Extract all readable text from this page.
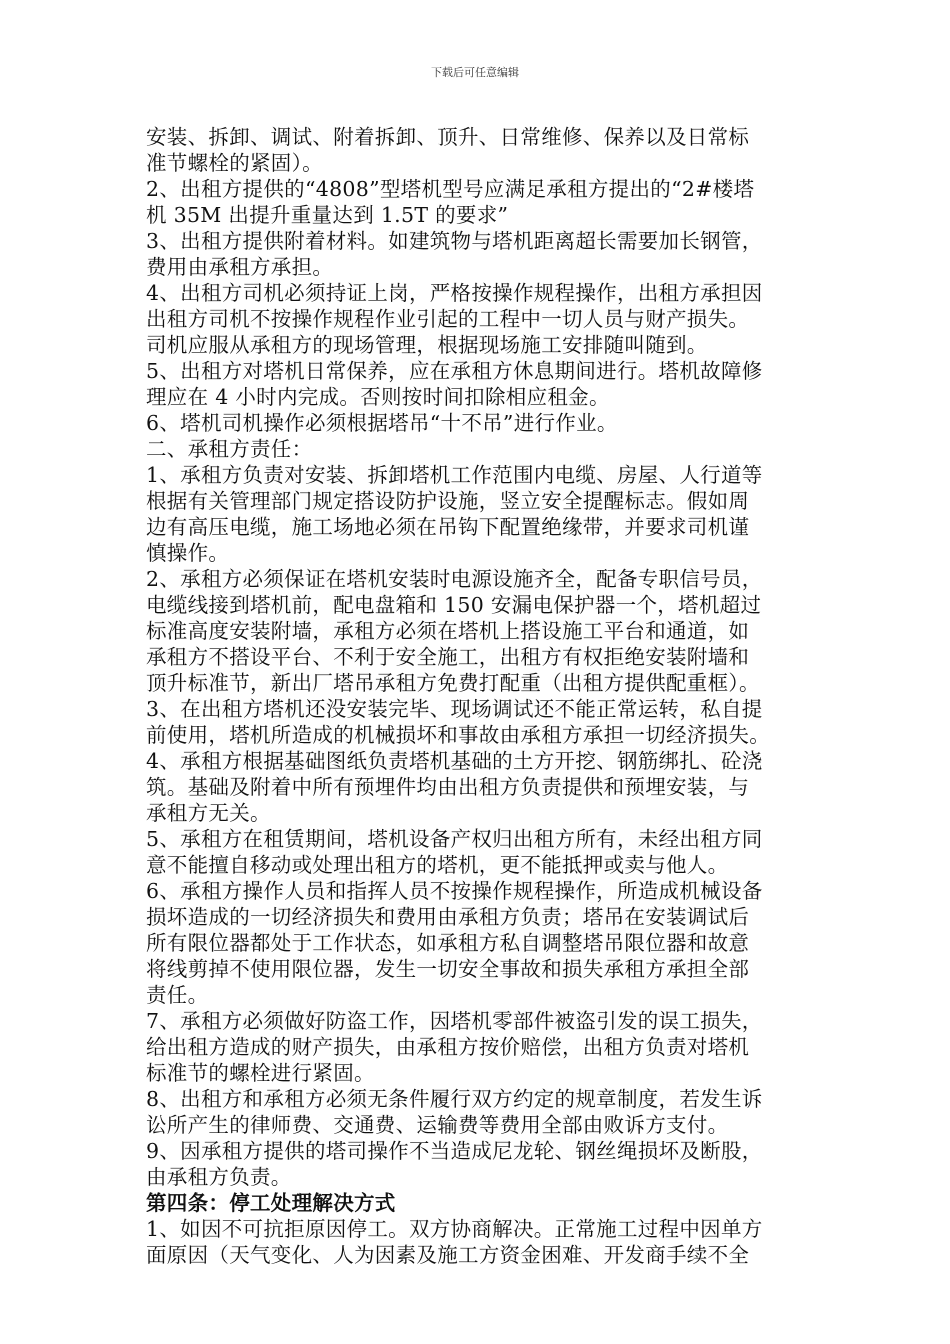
下载后可任意编辑

安装、拆卸、调试、附着拆卸、顶升、日常维修、保养以及日常标

准节螺栓的紧固）。

2、出租方提供的“4808”型塔机型号应满足承租方提出的“2#楼塔

机 35M 出提升重量达到 1.5T 的要求”

3、出租方提供附着材料。如建筑物与塔机距离超长需要加长钢管，

费用由承租方承担。

4、出租方司机必须持证上岗，严格按操作规程操作，出租方承担因

出租方司机不按操作规程作业引起的工程中一切人员与财产损失。

司机应服从承租方的现场管理，根据现场施工安排随叫随到。

5、出租方对塔机日常保养，应在承租方休息期间进行。塔机故障修

理应在 4 小时内完成。否则按时间扣除相应租金。

6、塔机司机操作必须根据塔吊“十不吊”进行作业。

二、承租方责任：

1、承租方负责对安装、拆卸塔机工作范围内电缆、房屋、人行道等

根据有关管理部门规定搭设防护设施，竖立安全提醒标志。假如周

边有高压电缆，施工场地必须在吊钩下配置绝缘带，并要求司机谨

慎操作。

2、承租方必须保证在塔机安装时电源设施齐全，配备专职信号员，

电缆线接到塔机前，配电盘箱和 150 安漏电保护器一个，塔机超过

标准高度安装附墙，承租方必须在塔机上搭设施工平台和通道，如

承租方不搭设平台、不利于安全施工，出租方有权拒绝安装附墙和

顶升标准节，新出厂塔吊承租方免费打配重（出租方提供配重框）。

3、在出租方塔机还没安装完毕、现场调试还不能正常运转，私自提

前使用，塔机所造成的机械损坏和事故由承租方承担一切经济损失。

4、承租方根据基础图纸负责塔机基础的土方开挖、钢筋绑扎、砼浇

筑。基础及附着中所有预埋件均由出租方负责提供和预埋安装，与

承租方无关。

5、承租方在租赁期间，塔机设备产权归出租方所有，未经出租方同

意不能擅自移动或处理出租方的塔机，更不能抵押或卖与他人。

6、承租方操作人员和指挥人员不按操作规程操作，所造成机械设备

损坏造成的一切经济损失和费用由承租方负责；塔吊在安装调试后

所有限位器都处于工作状态，如承租方私自调整塔吊限位器和故意

将线剪掉不使用限位器，发生一切安全事故和损失承租方承担全部

责任。

7、承租方必须做好防盗工作，因塔机零部件被盗引发的误工损失，

给出租方造成的财产损失，由承租方按价赔偿，出租方负责对塔机

标准节的螺栓进行紧固。

8、出租方和承租方必须无条件履行双方约定的规章制度，若发生诉

讼所产生的律师费、交通费、运输费等费用全部由败诉方支付。

9、因承租方提供的塔司操作不当造成尼龙轮、钢丝绳损坏及断股，

由承租方负责。

第四条：停工处理解决方式

1、如因不可抗拒原因停工。双方协商解决。正常施工过程中因单方

面原因（天气变化、人为因素及施工方资金困难、开发商手续不全
